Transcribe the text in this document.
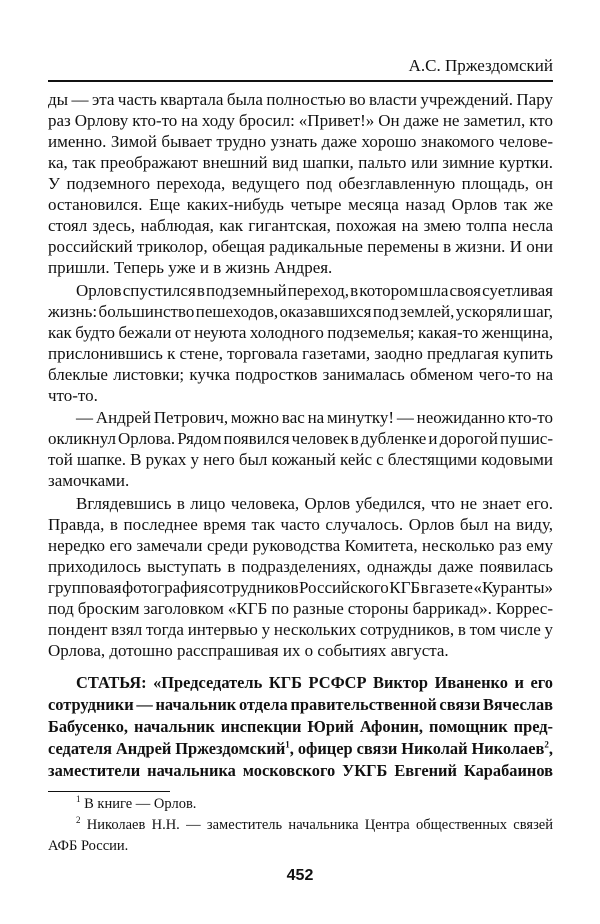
А.С. Пржездомский
ды — эта часть квартала была полностью во власти учреждений. Пару
раз Орлову кто-то на ходу бросил: «Привет!» Он даже не заметил, кто
именно. Зимой бывает трудно узнать даже хорошо знакомого челове-
ка, так преображают внешний вид шапки, пальто или зимние куртки.
У подземного перехода, ведущего под обезглавленную площадь, он
остановился. Еще каких-нибудь четыре месяца назад Орлов так же
стоял здесь, наблюдая, как гигантская, похожая на змею толпа несла
российский триколор, обещая радикальные перемены в жизни. И они
пришли. Теперь уже и в жизнь Андрея.
Орлов спустился в подземный переход, в котором шла своя суетливая
жизнь: большинство пешеходов, оказавшихся под землей, ускоряли шаг,
как будто бежали от неуюта холодного подземелья; какая-то женщина,
прислонившись к стене, торговала газетами, заодно предлагая купить
блеклые листовки; кучка подростков занималась обменом чего-то на
что-то.
— Андрей Петрович, можно вас на минутку! — неожиданно кто-то
окликнул Орлова. Рядом появился человек в дубленке и дорогой пушис-
той шапке. В руках у него был кожаный кейс с блестящими кодовыми
замочками.
Вглядевшись в лицо человека, Орлов убедился, что не знает его.
Правда, в последнее время так часто случалось. Орлов был на виду,
нередко его замечали среди руководства Комитета, несколько раз ему
приходилось выступать в подразделениях, однажды даже появилась
групповая фотография сотрудников Российского КГБ в газете «Куранты»
под броским заголовком «КГБ по разные стороны баррикад». Коррес-
пондент взял тогда интервью у нескольких сотрудников, в том числе у
Орлова, дотошно расспрашивая их о событиях августа.
СТАТЬЯ: «Председатель КГБ РСФСР Виктор Иваненко и его
сотрудники — начальник отдела правительственной связи Вячеслав
Бабусенко, начальник инспекции Юрий Афонин, помощник пред-
седателя Андрей Пржездомский$^1$, офицер связи Николай Николаев$^2$,
заместители начальника московского УКГБ Евгений Карабаинов
$^1$ В книге — Орлов.
$^2$ Николаев Н.Н. — заместитель начальника Центра общественных связей
АФБ России.
452
